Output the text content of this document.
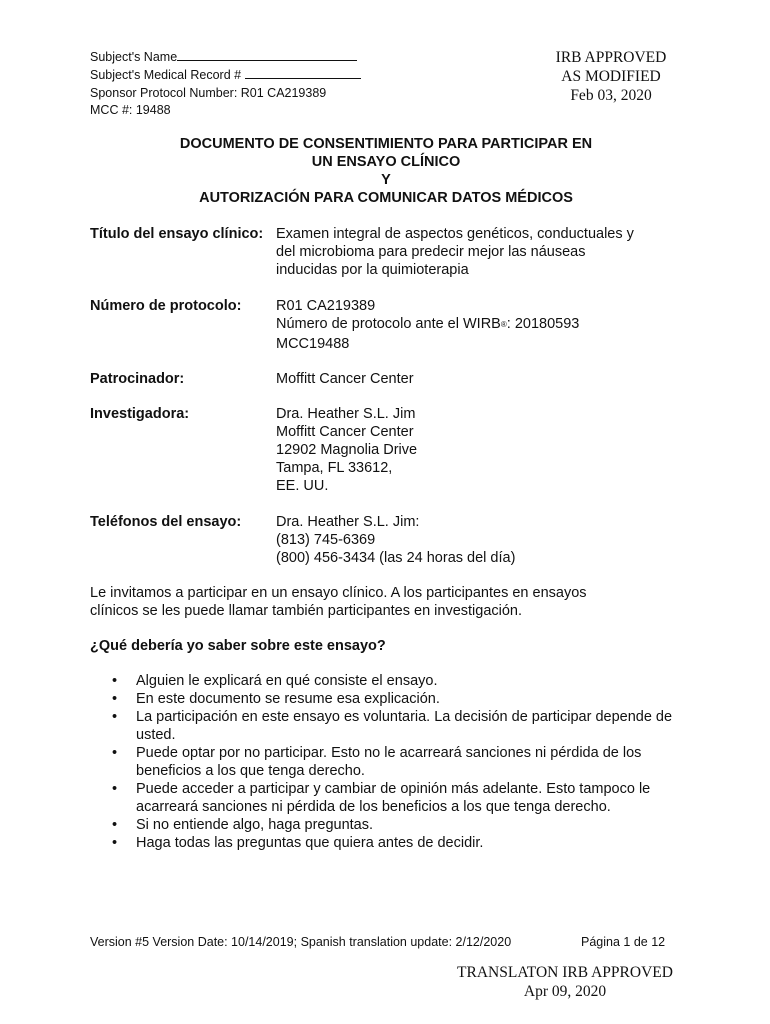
Subject's Name
Subject's Medical Record #
Sponsor Protocol Number: R01 CA219389
MCC #: 19488
IRB APPROVED
AS MODIFIED
Feb 03, 2020
DOCUMENTO DE CONSENTIMIENTO PARA PARTICIPAR EN
UN ENSAYO CLÍNICO
Y
AUTORIZACIÓN PARA COMUNICAR DATOS MÉDICOS
Título del ensayo clínico: Examen integral de aspectos genéticos, conductuales y
del microbioma para predecir mejor las náuseas
inducidas por la quimioterapia
Número de protocolo: R01 CA219389
Número de protocolo ante el WIRB®: 20180593
MCC19488
Patrocinador:	Moffitt Cancer Center
Investigadora:	Dra. Heather S.L. Jim
Moffitt Cancer Center
12902 Magnolia Drive
Tampa, FL 33612,
EE. UU.
Teléfonos del ensayo: Dra. Heather S.L. Jim:
(813) 745-6369
(800) 456-3434 (las 24 horas del día)
Le invitamos a participar en un ensayo clínico. A los participantes en ensayos clínicos se les puede llamar también participantes en investigación.
¿Qué debería yo saber sobre este ensayo?
• Alguien le explicará en qué consiste el ensayo.
• En este documento se resume esa explicación.
• La participación en este ensayo es voluntaria. La decisión de participar depende de usted.
• Puede optar por no participar. Esto no le acarreará sanciones ni pérdida de los beneficios a los que tenga derecho.
• Puede acceder a participar y cambiar de opinión más adelante. Esto tampoco le acarreará sanciones ni pérdida de los beneficios a los que tenga derecho.
• Si no entiende algo, haga preguntas.
• Haga todas las preguntas que quiera antes de decidir.
Version #5 Version Date: 10/14/2019; Spanish translation update: 2/12/2020	Página 1 de 12
TRANSLATON IRB APPROVED
Apr 09, 2020
